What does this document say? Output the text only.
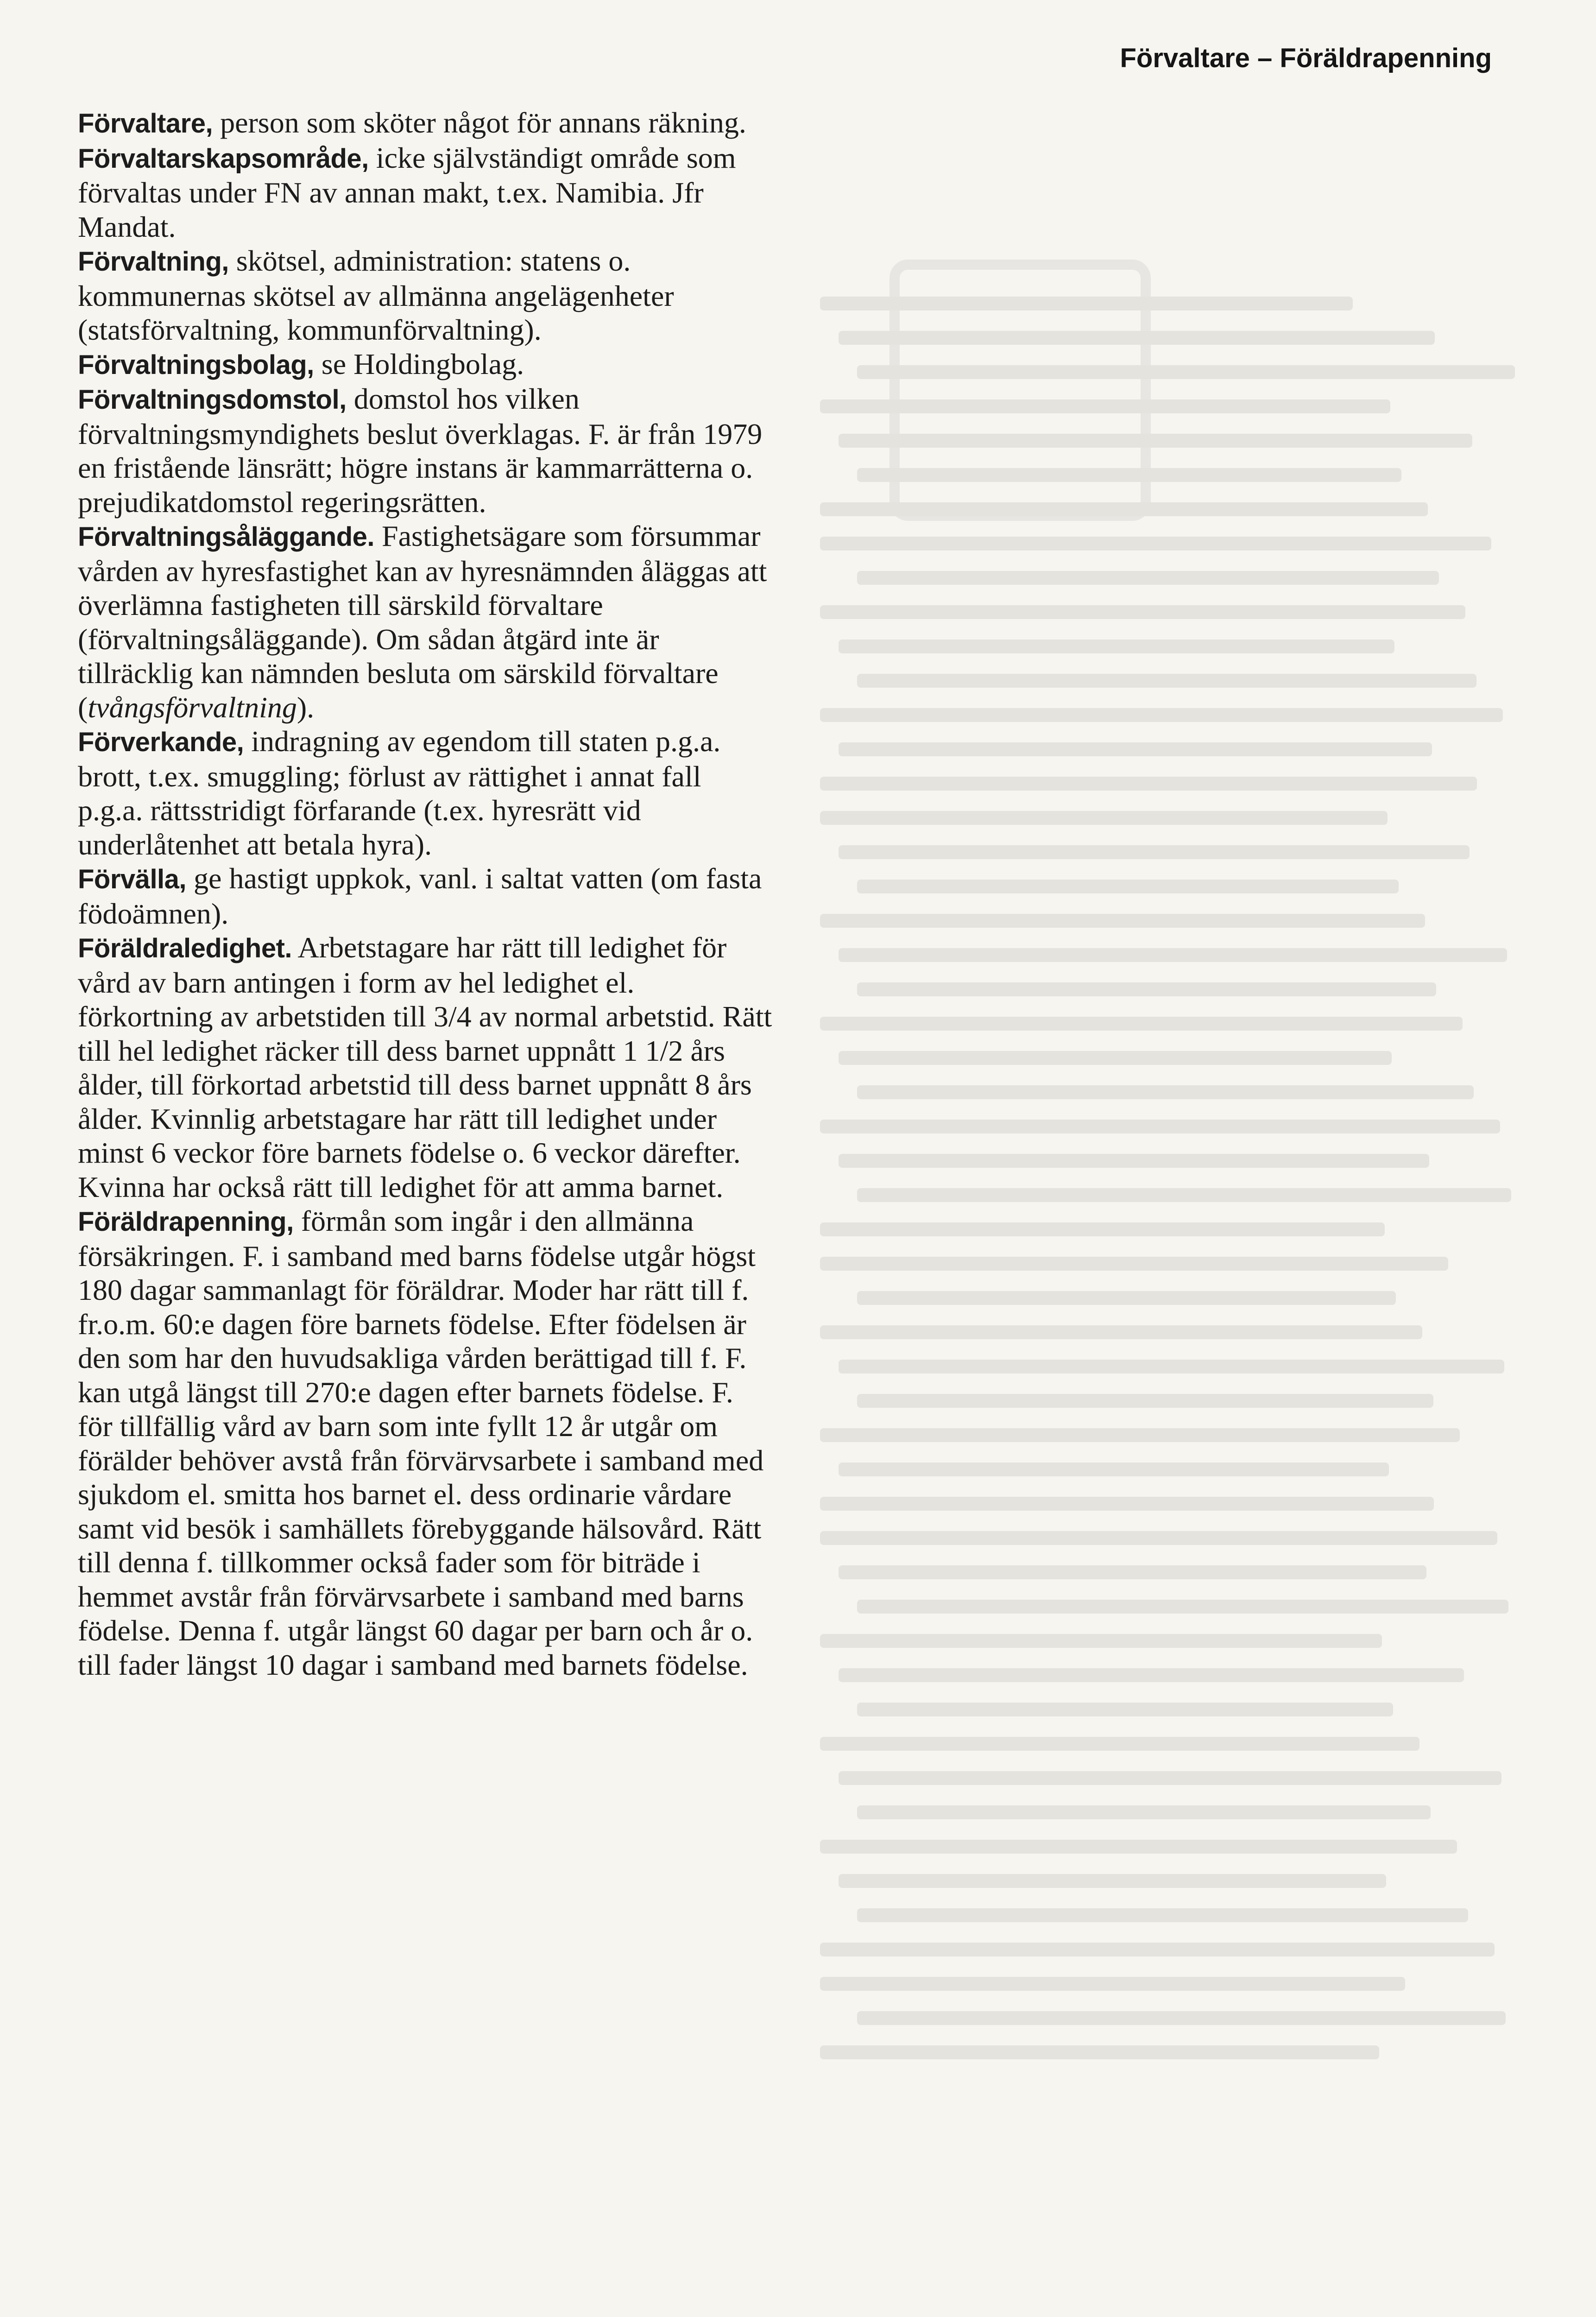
Förvaltare – Föräldrapenning

Förvaltare, person som sköter något för annans räkning.

Förvaltarskapsområde, icke självständigt område som förvaltas under FN av annan makt, t.ex. Namibia. Jfr Mandat.

Förvaltning, skötsel, administration: statens o. kommunernas skötsel av allmänna angelägenheter (statsförvaltning, kommunförvaltning).

Förvaltningsbolag, se Holdingbolag.

Förvaltningsdomstol, domstol hos vilken förvaltningsmyndighets beslut överklagas. F. är från 1979 en fristående länsrätt; högre instans är kammarrätterna o. prejudikatdomstol regeringsrätten.

Förvaltningsåläggande. Fastighetsägare som försummar vården av hyresfastighet kan av hyresnämnden åläggas att överlämna fastigheten till särskild förvaltare (förvaltningsåläggande). Om sådan åtgärd inte är tillräcklig kan nämnden besluta om särskild förvaltare (tvångsförvaltning).

Förverkande, indragning av egendom till staten p.g.a. brott, t.ex. smuggling; förlust av rättighet i annat fall p.g.a. rättsstridigt förfarande (t.ex. hyresrätt vid underlåtenhet att betala hyra).

Förvälla, ge hastigt uppkok, vanl. i saltat vatten (om fasta födoämnen).

Föräldraledighet. Arbetstagare har rätt till ledighet för vård av barn antingen i form av hel ledighet el. förkortning av arbetstiden till 3/4 av normal arbetstid. Rätt till hel ledighet räcker till dess barnet uppnått 1 1/2 års ålder, till förkortad arbetstid till dess barnet uppnått 8 års ålder. Kvinnlig arbetstagare har rätt till ledighet under minst 6 veckor före barnets födelse o. 6 veckor därefter. Kvinna har också rätt till ledighet för att amma barnet.

Föräldrapenning, förmån som ingår i den allmänna försäkringen. F. i samband med barns födelse utgår högst 180 dagar sammanlagt för föräldrar. Moder har rätt till f. fr.o.m. 60:e dagen före barnets födelse. Efter födelsen är den som har den huvudsakliga vården berättigad till f. F. kan utgå längst till 270:e dagen efter barnets födelse. F. för tillfällig vård av barn som inte fyllt 12 år utgår om förälder behöver avstå från förvärvsarbete i samband med sjukdom el. smitta hos barnet el. dess ordinarie vårdare samt vid besök i samhällets förebyggande hälsovård. Rätt till denna f. tillkommer också fader som för biträde i hemmet avstår från förvärvsarbete i samband med barns födelse. Denna f. utgår längst 60 dagar per barn och år o. till fader längst 10 dagar i samband med barnets födelse.
